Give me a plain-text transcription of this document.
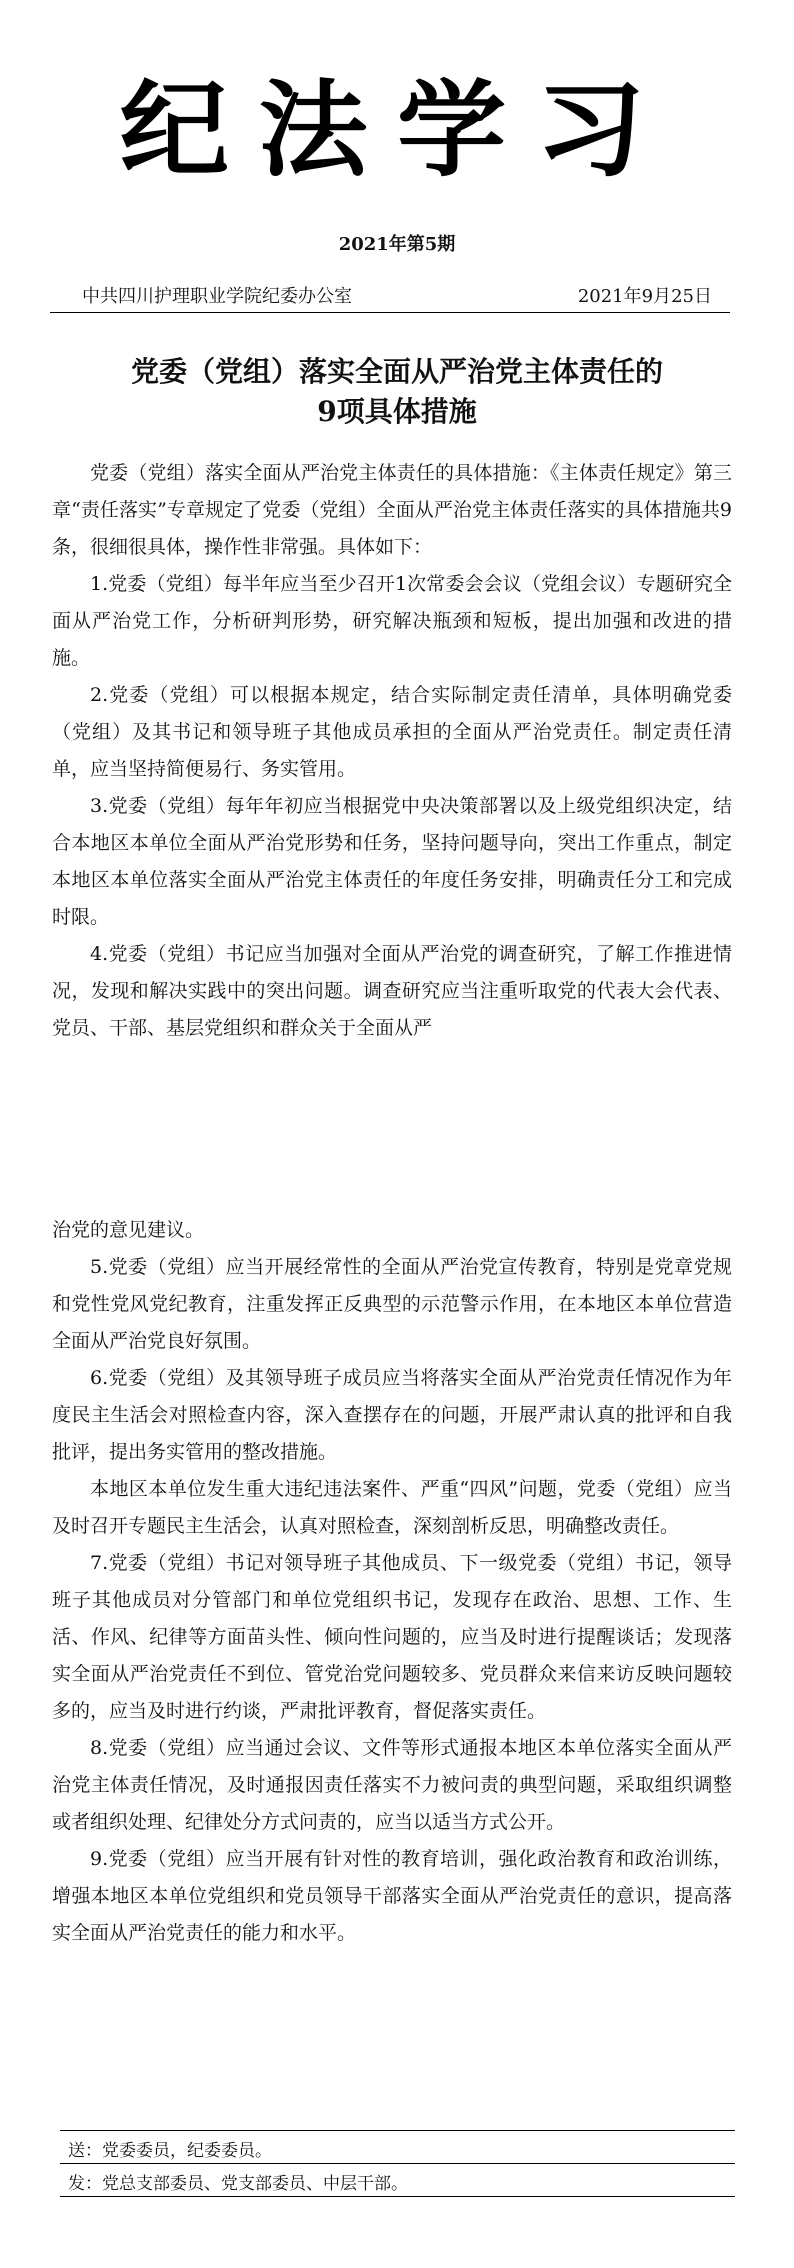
纪法学习
2021年第5期
中共四川护理职业学院纪委办公室	2021年9月25日
党委（党组）落实全面从严治党主体责任的
9项具体措施

党委（党组）落实全面从严治党主体责任的具体措施：《主体责任规定》第三章“责任落实”专章规定了党委（党组）全面从严治党主体责任落实的具体措施共9条，很细很具体，操作性非常强。具体如下：

1.党委（党组）每半年应当至少召开1次常委会会议（党组会议）专题研究全面从严治党工作，分析研判形势，研究解决瓶颈和短板，提出加强和改进的措施。

2.党委（党组）可以根据本规定，结合实际制定责任清单，具体明确党委（党组）及其书记和领导班子其他成员承担的全面从严治党责任。制定责任清单，应当坚持简便易行、务实管用。

3.党委（党组）每年年初应当根据党中央决策部署以及上级党组织决定，结合本地区本单位全面从严治党形势和任务，坚持问题导向，突出工作重点，制定本地区本单位落实全面从严治党主体责任的年度任务安排，明确责任分工和完成时限。

4.党委（党组）书记应当加强对全面从严治党的调查研究，了解工作推进情况，发现和解决实践中的突出问题。调查研究应当注重听取党的代表大会代表、党员、干部、基层党组织和群众关于全面从严

治党的意见建议。

5.党委（党组）应当开展经常性的全面从严治党宣传教育，特别是党章党规和党性党风党纪教育，注重发挥正反典型的示范警示作用，在本地区本单位营造全面从严治党良好氛围。

6.党委（党组）及其领导班子成员应当将落实全面从严治党责任情况作为年度民主生活会对照检查内容，深入查摆存在的问题，开展严肃认真的批评和自我批评，提出务实管用的整改措施。

本地区本单位发生重大违纪违法案件、严重“四风”问题，党委（党组）应当及时召开专题民主生活会，认真对照检查，深刻剖析反思，明确整改责任。

7.党委（党组）书记对领导班子其他成员、下一级党委（党组）书记，领导班子其他成员对分管部门和单位党组织书记，发现存在政治、思想、工作、生活、作风、纪律等方面苗头性、倾向性问题的，应当及时进行提醒谈话；发现落实全面从严治党责任不到位、管党治党问题较多、党员群众来信来访反映问题较多的，应当及时进行约谈，严肃批评教育，督促落实责任。

8.党委（党组）应当通过会议、文件等形式通报本地区本单位落实全面从严治党主体责任情况，及时通报因责任落实不力被问责的典型问题，采取组织调整或者组织处理、纪律处分方式问责的，应当以适当方式公开。

9.党委（党组）应当开展有针对性的教育培训，强化政治教育和政治训练，增强本地区本单位党组织和党员领导干部落实全面从严治党责任的意识，提高落实全面从严治党责任的能力和水平。

送：党委委员，纪委委员。
发：党总支部委员、党支部委员、中层干部。
